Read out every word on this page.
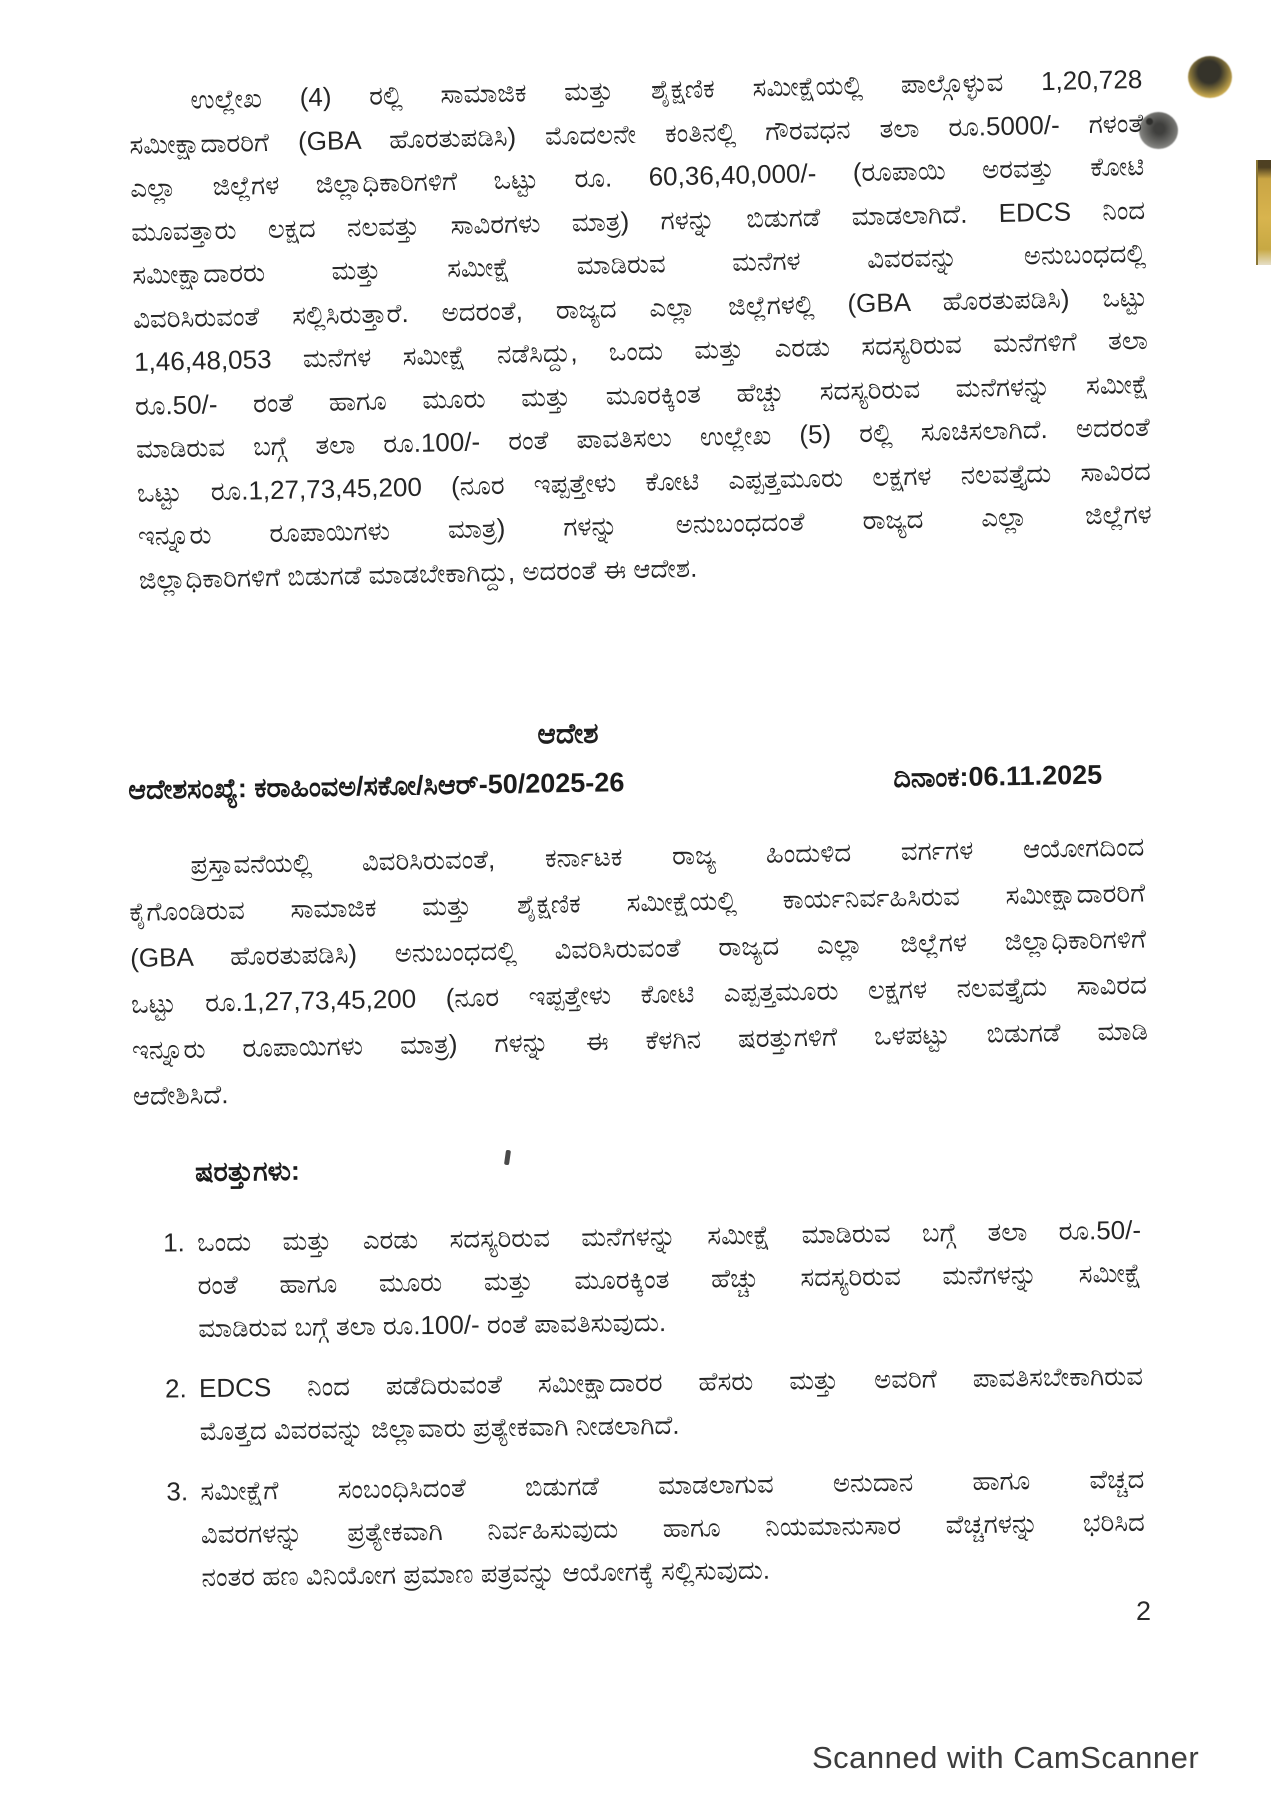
ಉಲ್ಲೇಖ (4) ರಲ್ಲಿ ಸಾಮಾಜಿಕ ಮತ್ತು ಶೈಕ್ಷಣಿಕ ಸಮೀಕ್ಷೆಯಲ್ಲಿ ಪಾಲ್ಗೊಳ್ಳುವ 1,20,728
ಸಮೀಕ್ಷಾದಾರರಿಗೆ (GBA ಹೊರತುಪಡಿಸಿ) ಮೊದಲನೇ ಕಂತಿನಲ್ಲಿ ಗೌರವಧನ ತಲಾ ರೂ.5000/- ಗಳಂತೆ
ಎಲ್ಲಾ ಜಿಲ್ಲೆಗಳ ಜಿಲ್ಲಾಧಿಕಾರಿಗಳಿಗೆ ಒಟ್ಟು ರೂ. 60,36,40,000/- (ರೂಪಾಯಿ ಅರವತ್ತು ಕೋಟಿ
ಮೂವತ್ತಾರು ಲಕ್ಷದ ನಲವತ್ತು ಸಾವಿರಗಳು ಮಾತ್ರ) ಗಳನ್ನು ಬಿಡುಗಡೆ ಮಾಡಲಾಗಿದೆ. EDCS ನಿಂದ
ಸಮೀಕ್ಷಾದಾರರು ಮತ್ತು ಸಮೀಕ್ಷೆ ಮಾಡಿರುವ ಮನೆಗಳ ವಿವರವನ್ನು ಅನುಬಂಧದಲ್ಲಿ
ವಿವರಿಸಿರುವಂತೆ ಸಲ್ಲಿಸಿರುತ್ತಾರೆ. ಅದರಂತೆ, ರಾಜ್ಯದ ಎಲ್ಲಾ ಜಿಲ್ಲೆಗಳಲ್ಲಿ (GBA ಹೊರತುಪಡಿಸಿ) ಒಟ್ಟು
1,46,48,053 ಮನೆಗಳ ಸಮೀಕ್ಷೆ ನಡೆಸಿದ್ದು, ಒಂದು ಮತ್ತು ಎರಡು ಸದಸ್ಯರಿರುವ ಮನೆಗಳಿಗೆ ತಲಾ
ರೂ.50/- ರಂತೆ ಹಾಗೂ ಮೂರು ಮತ್ತು ಮೂರಕ್ಕಿಂತ ಹೆಚ್ಚು ಸದಸ್ಯರಿರುವ ಮನೆಗಳನ್ನು ಸಮೀಕ್ಷೆ
ಮಾಡಿರುವ ಬಗ್ಗೆ ತಲಾ ರೂ.100/- ರಂತೆ ಪಾವತಿಸಲು ಉಲ್ಲೇಖ (5) ರಲ್ಲಿ ಸೂಚಿಸಲಾಗಿದೆ. ಅದರಂತೆ
ಒಟ್ಟು ರೂ.1,27,73,45,200 (ನೂರ ಇಪ್ಪತ್ತೇಳು ಕೋಟಿ ಎಪ್ಪತ್ತಮೂರು ಲಕ್ಷಗಳ ನಲವತ್ತೈದು ಸಾವಿರದ
ಇನ್ನೂರು ರೂಪಾಯಿಗಳು ಮಾತ್ರ) ಗಳನ್ನು ಅನುಬಂಧದಂತೆ ರಾಜ್ಯದ ಎಲ್ಲಾ ಜಿಲ್ಲೆಗಳ
ಜಿಲ್ಲಾಧಿಕಾರಿಗಳಿಗೆ ಬಿಡುಗಡೆ ಮಾಡಬೇಕಾಗಿದ್ದು, ಅದರಂತೆ ಈ ಆದೇಶ.
ಆದೇಶ
ಆದೇಶಸಂಖ್ಯೆ: ಕರಾಹಿಂವಅ/ಸಕೋ/ಸಿಆರ್-50/2025-26	ದಿನಾಂಕ:06.11.2025
ಪ್ರಸ್ತಾವನೆಯಲ್ಲಿ ವಿವರಿಸಿರುವಂತೆ, ಕರ್ನಾಟಕ ರಾಜ್ಯ ಹಿಂದುಳಿದ ವರ್ಗಗಳ ಆಯೋಗದಿಂದ
ಕೈಗೊಂಡಿರುವ ಸಾಮಾಜಿಕ ಮತ್ತು ಶೈಕ್ಷಣಿಕ ಸಮೀಕ್ಷೆಯಲ್ಲಿ ಕಾರ್ಯನಿರ್ವಹಿಸಿರುವ ಸಮೀಕ್ಷಾದಾರರಿಗೆ
(GBA ಹೊರತುಪಡಿಸಿ) ಅನುಬಂಧದಲ್ಲಿ ವಿವರಿಸಿರುವಂತೆ ರಾಜ್ಯದ ಎಲ್ಲಾ ಜಿಲ್ಲೆಗಳ ಜಿಲ್ಲಾಧಿಕಾರಿಗಳಿಗೆ
ಒಟ್ಟು ರೂ.1,27,73,45,200 (ನೂರ ಇಪ್ಪತ್ತೇಳು ಕೋಟಿ ಎಪ್ಪತ್ತಮೂರು ಲಕ್ಷಗಳ ನಲವತ್ತೈದು ಸಾವಿರದ
ಇನ್ನೂರು ರೂಪಾಯಿಗಳು ಮಾತ್ರ) ಗಳನ್ನು ಈ ಕೆಳಗಿನ ಷರತ್ತುಗಳಿಗೆ ಒಳಪಟ್ಟು ಬಿಡುಗಡೆ ಮಾಡಿ
ಆದೇಶಿಸಿದೆ.
ಷರತ್ತುಗಳು:
1. ಒಂದು ಮತ್ತು ಎರಡು ಸದಸ್ಯರಿರುವ ಮನೆಗಳನ್ನು ಸಮೀಕ್ಷೆ ಮಾಡಿರುವ ಬಗ್ಗೆ ತಲಾ ರೂ.50/-
ರಂತೆ ಹಾಗೂ ಮೂರು ಮತ್ತು ಮೂರಕ್ಕಿಂತ ಹೆಚ್ಚು ಸದಸ್ಯರಿರುವ ಮನೆಗಳನ್ನು ಸಮೀಕ್ಷೆ
ಮಾಡಿರುವ ಬಗ್ಗೆ ತಲಾ ರೂ.100/- ರಂತೆ ಪಾವತಿಸುವುದು.
2. EDCS ನಿಂದ ಪಡೆದಿರುವಂತೆ ಸಮೀಕ್ಷಾದಾರರ ಹೆಸರು ಮತ್ತು ಅವರಿಗೆ ಪಾವತಿಸಬೇಕಾಗಿರುವ
ಮೊತ್ತದ ವಿವರವನ್ನು ಜಿಲ್ಲಾವಾರು ಪ್ರತ್ಯೇಕವಾಗಿ ನೀಡಲಾಗಿದೆ.
3. ಸಮೀಕ್ಷೆಗೆ ಸಂಬಂಧಿಸಿದಂತೆ ಬಿಡುಗಡೆ ಮಾಡಲಾಗುವ ಅನುದಾನ ಹಾಗೂ ವೆಚ್ಚದ
ವಿವರಗಳನ್ನು ಪ್ರತ್ಯೇಕವಾಗಿ ನಿರ್ವಹಿಸುವುದು ಹಾಗೂ ನಿಯಮಾನುಸಾರ ವೆಚ್ಚಗಳನ್ನು ಭರಿಸಿದ
ನಂತರ ಹಣ ವಿನಿಯೋಗ ಪ್ರಮಾಣ ಪತ್ರವನ್ನು ಆಯೋಗಕ್ಕೆ ಸಲ್ಲಿಸುವುದು.
2
Scanned with CamScanner
